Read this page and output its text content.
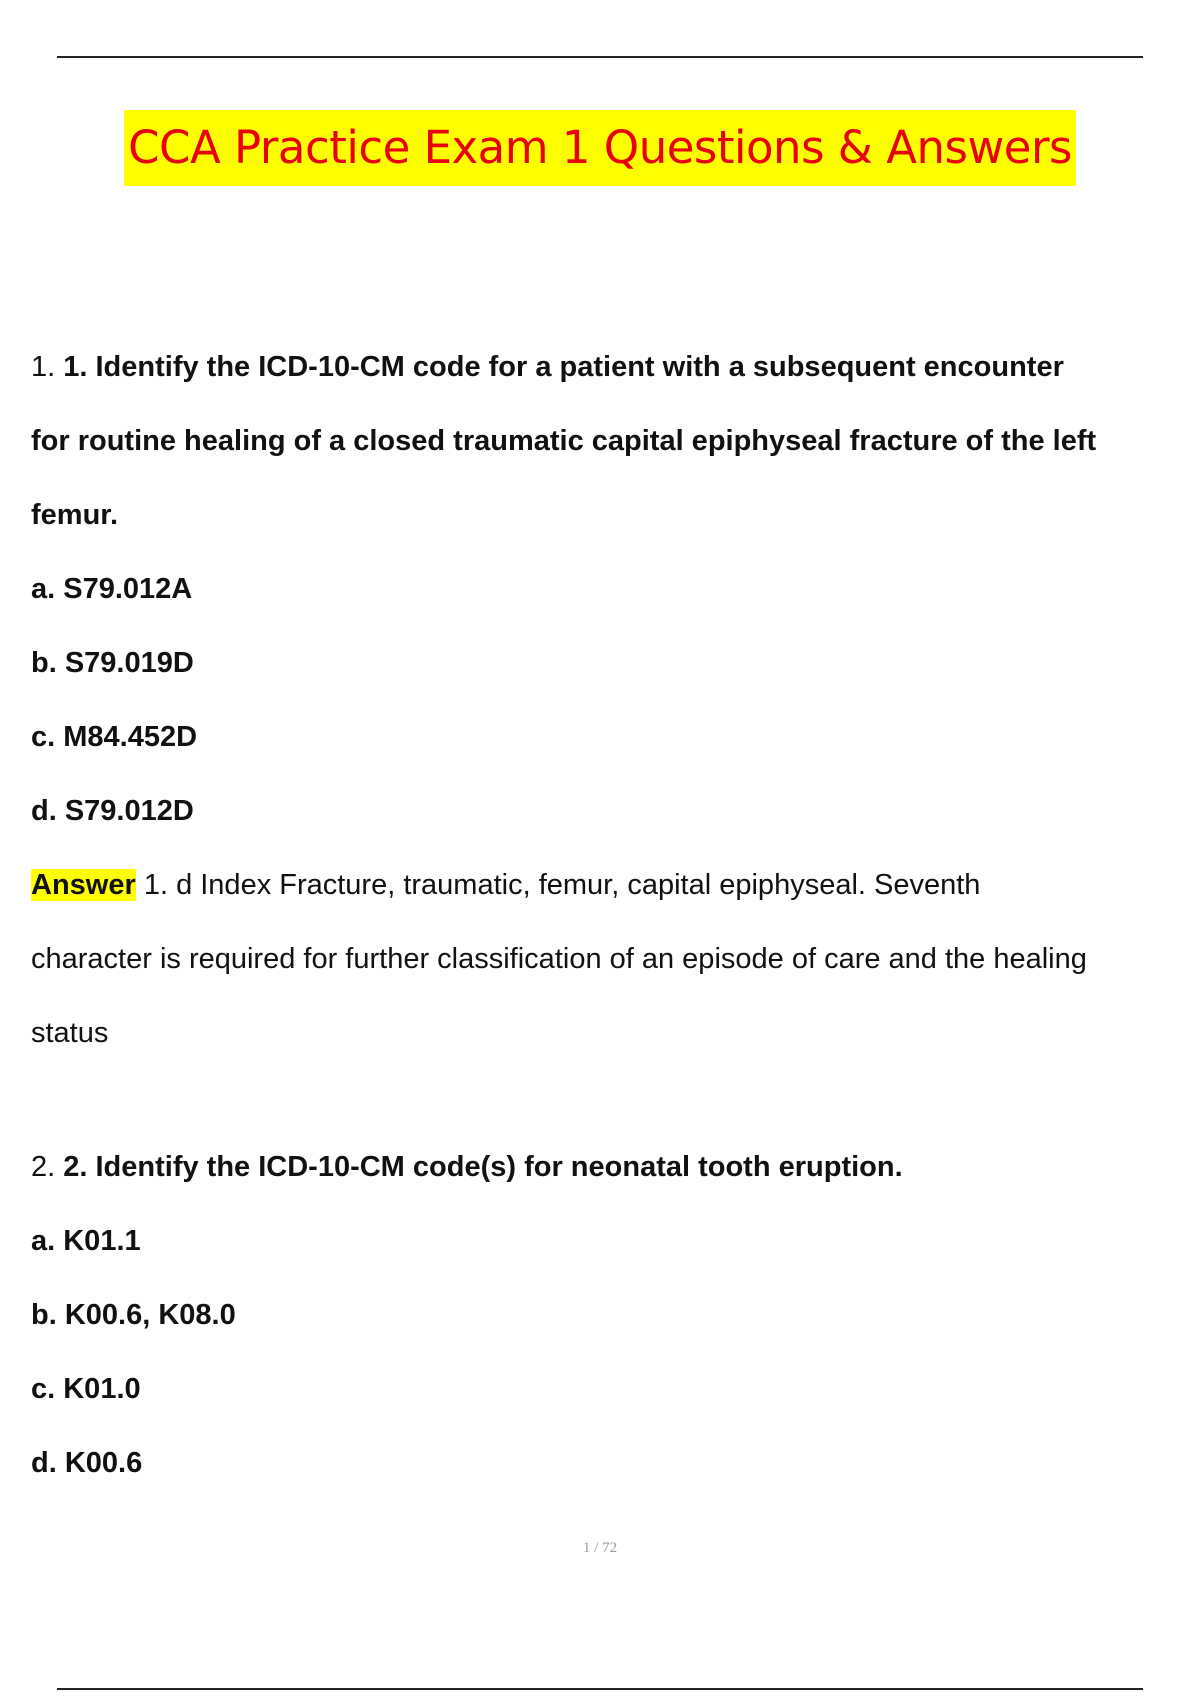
CCA Practice Exam 1 Questions & Answers
1. 1. Identify the ICD-10-CM code for a patient with a subsequent encounter
for routine healing of a closed traumatic capital epiphyseal fracture of the left
femur.
a. S79.012A
b. S79.019D
c. M84.452D
d. S79.012D
Answer 1. d Index Fracture, traumatic, femur, capital epiphyseal. Seventh
character is required for further classification of an episode of care and the healing
status
2. 2. Identify the ICD-10-CM code(s) for neonatal tooth eruption.
a. K01.1
b. K00.6, K08.0
c. K01.0
d. K00.6
1 / 72
